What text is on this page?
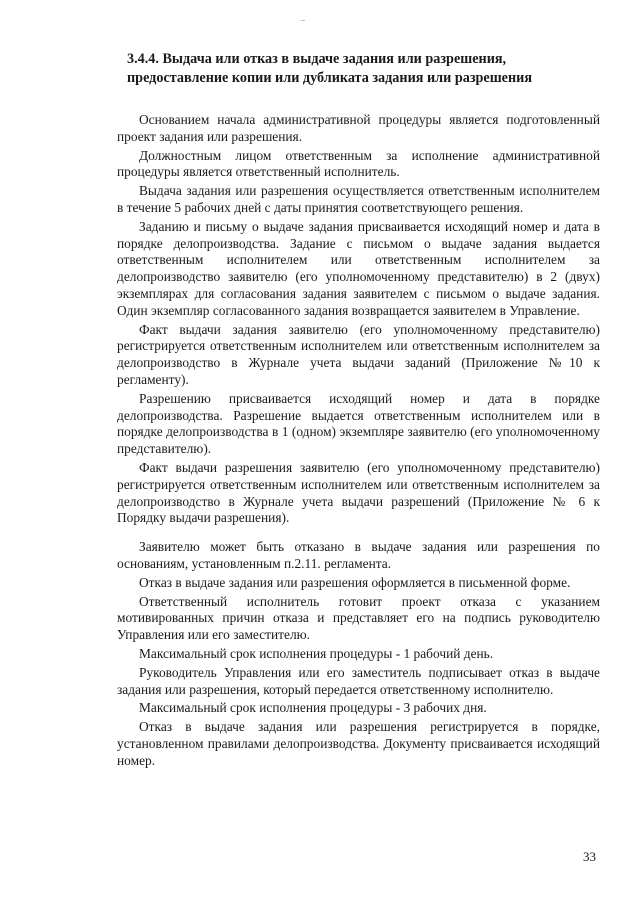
3.4.4. Выдача или отказ в выдаче задания или разрешения, предоставление копии или дубликата задания или разрешения

Основанием начала административной процедуры является подготовленный проект задания или разрешения.

Должностным лицом ответственным за исполнение административной процедуры является ответственный исполнитель.

Выдача задания или разрешения осуществляется ответственным исполнителем в течение 5 рабочих дней с даты принятия соответствующего решения.

Заданию и письму о выдаче задания присваивается исходящий номер и дата в порядке делопроизводства. Задание с письмом о выдаче задания выдается ответственным исполнителем или ответственным исполнителем за делопроизводство заявителю (его уполномоченному представителю) в 2 (двух) экземплярах для согласования задания заявителем с письмом о выдаче задания. Один экземпляр согласованного задания возвращается заявителем в Управление.

Факт выдачи задания заявителю (его уполномоченному представителю) регистрируется ответственным исполнителем или ответственным исполнителем за делопроизводство в Журнале учета выдачи заданий (Приложение №10 к регламенту).

Разрешению присваивается исходящий номер и дата в порядке делопроизводства. Разрешение выдается ответственным исполнителем или в порядке делопроизводства в 1 (одном) экземпляре заявителю (его уполномоченному представителю).

Факт выдачи разрешения заявителю (его уполномоченному представителю) регистрируется ответственным исполнителем или ответственным исполнителем за делопроизводство в Журнале учета выдачи разрешений (Приложение № 6 к Порядку выдачи разрешения).

Заявителю может быть отказано в выдаче задания или разрешения по основаниям, установленным п.2.11. регламента.

Отказ в выдаче задания или разрешения оформляется в письменной форме.

Ответственный исполнитель готовит проект отказа с указанием мотивированных причин отказа и представляет его на подпись руководителю Управления или его заместителю.

Максимальный срок исполнения процедуры - 1 рабочий день.

Руководитель Управления или его заместитель подписывает отказ в выдаче задания или разрешения, который передается ответственному исполнителю.

Максимальный срок исполнения процедуры - 3 рабочих дня.

Отказ в выдаче задания или разрешения регистрируется в порядке, установленном правилами делопроизводства. Документу присваивается исходящий номер.

33
